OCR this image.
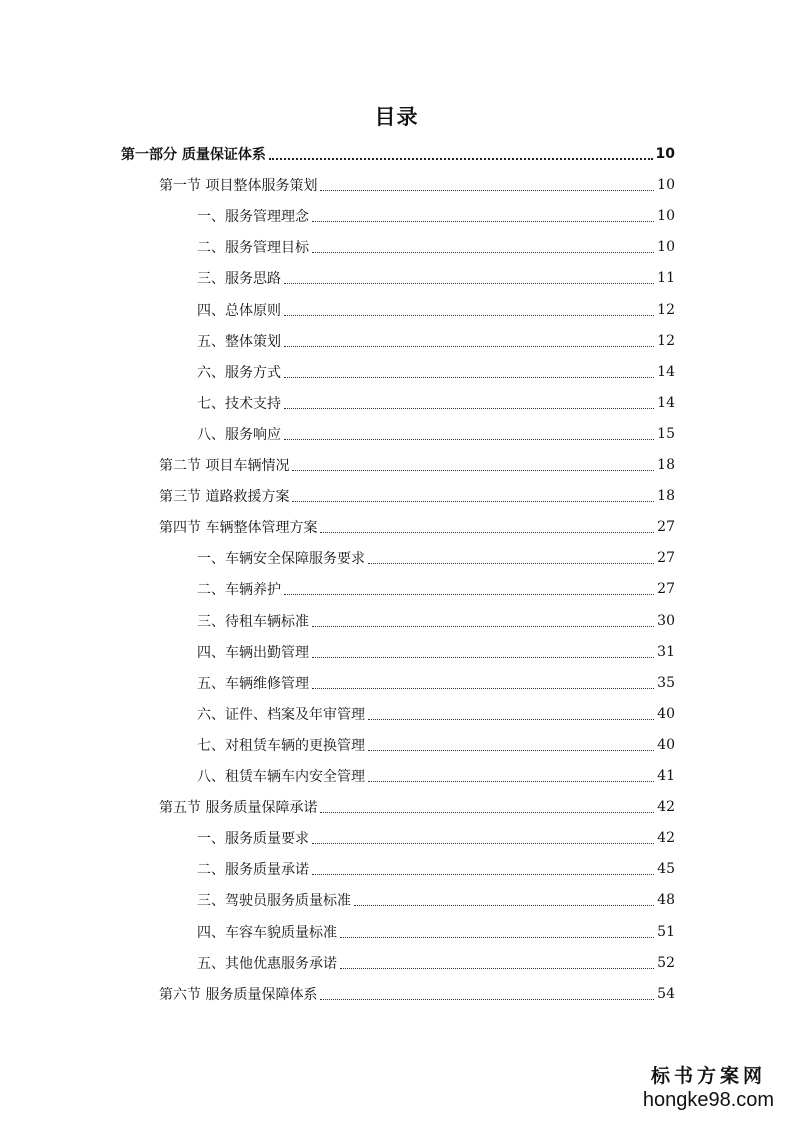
目录
第一部分 质量保证体系	10
第一节 项目整体服务策划	10
一、服务管理理念	10
二、服务管理目标	10
三、服务思路	11
四、总体原则	12
五、整体策划	12
六、服务方式	14
七、技术支持	14
八、服务响应	15
第二节 项目车辆情况	18
第三节 道路救援方案	18
第四节 车辆整体管理方案	27
一、车辆安全保障服务要求	27
二、车辆养护	27
三、待租车辆标准	30
四、车辆出勤管理	31
五、车辆维修管理	35
六、证件、档案及年审管理	40
七、对租赁车辆的更换管理	40
八、租赁车辆车内安全管理	41
第五节 服务质量保障承诺	42
一、服务质量要求	42
二、服务质量承诺	45
三、驾驶员服务质量标准	48
四、车容车貌质量标准	51
五、其他优惠服务承诺	52
第六节 服务质量保障体系	54
标书方案网
hongke98.com
